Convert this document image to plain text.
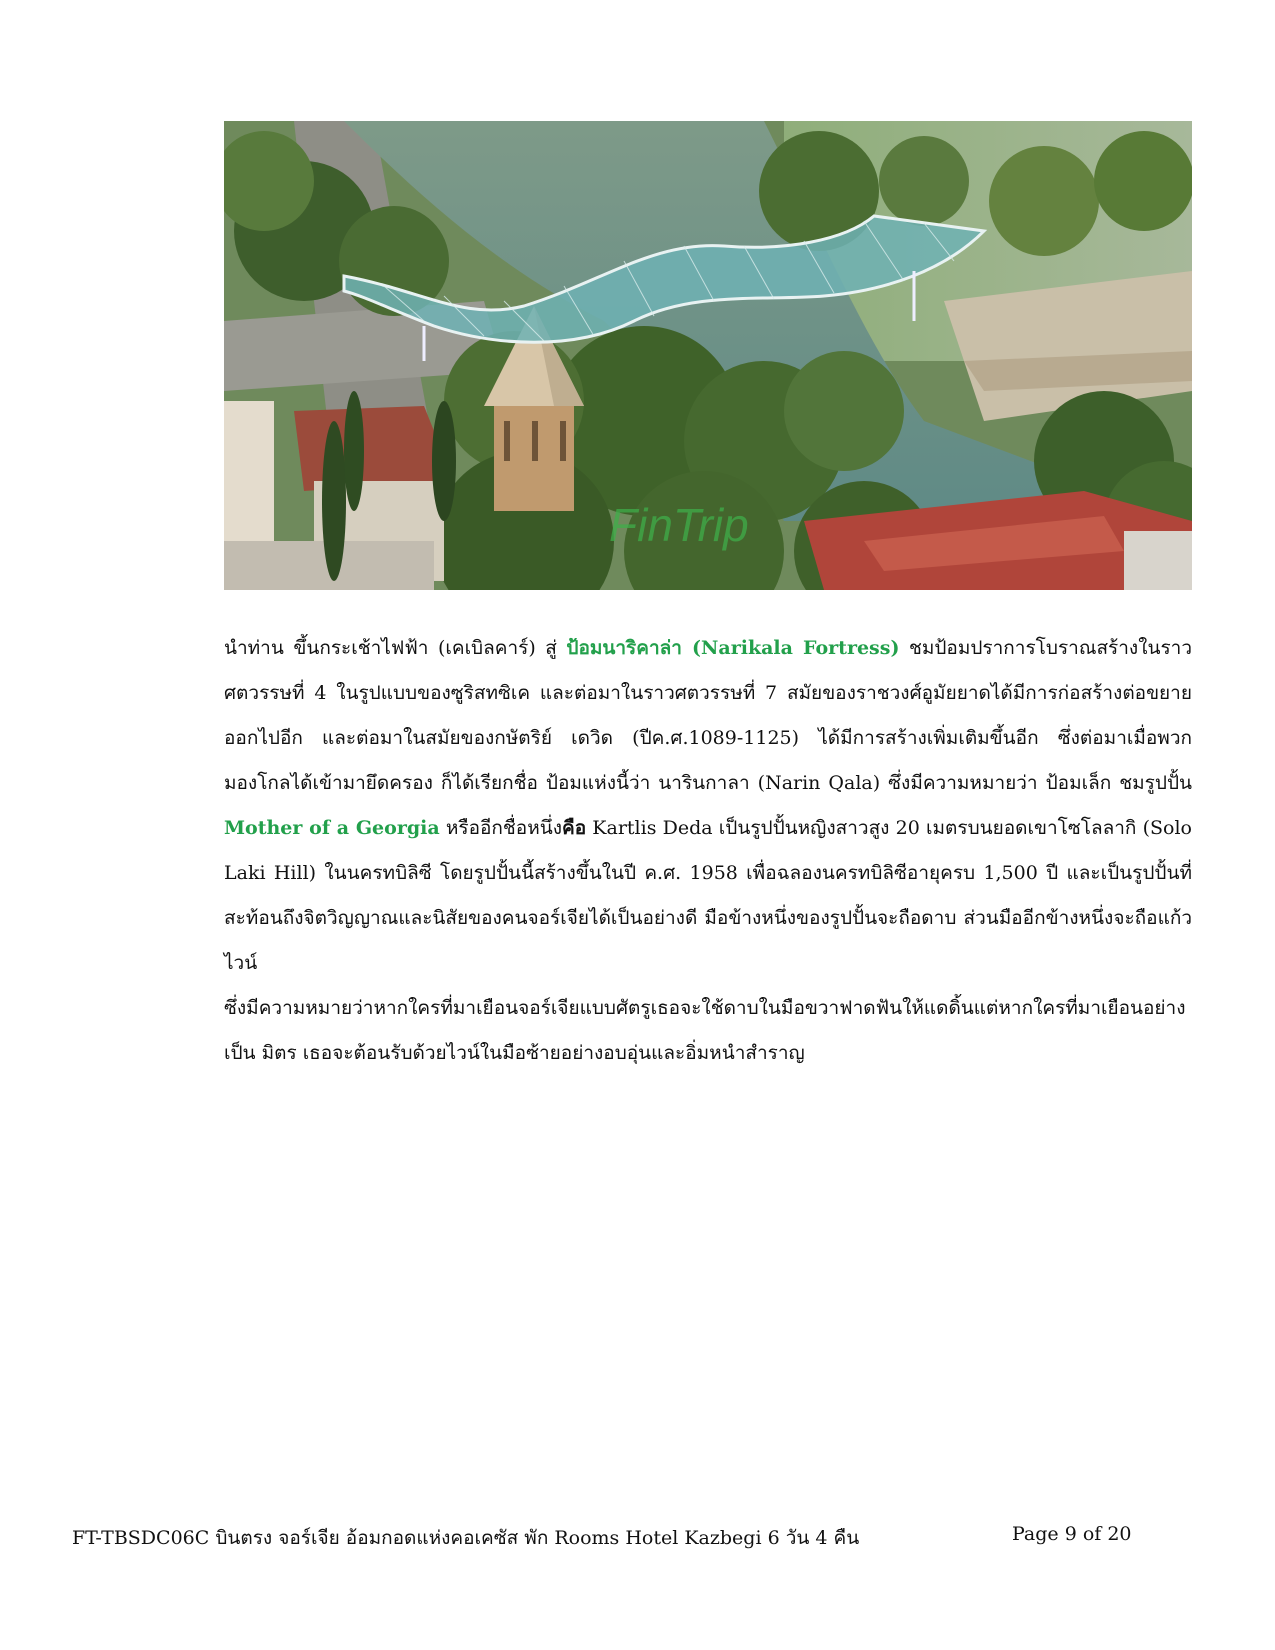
FinTrip

นำท่าน ขึ้นกระเช้าไฟฟ้า (เคเบิลคาร์) สู่ ป้อมนาริคาล่า (Narikala Fortress) ชมป้อมปราการโบราณสร้างในราวศตวรรษที่ 4 ในรูปแบบของซูริสทซิเค และต่อมาในราวศตวรรษที่ 7 สมัยของราชวงศ์อูมัยยาดได้มีการก่อสร้างต่อขยายออกไปอีก และต่อมาในสมัยของกษัตริย์ เดวิด (ปีค.ศ.1089-1125) ได้มีการสร้างเพิ่มเติมขึ้นอีก ซึ่งต่อมาเมื่อพวกมองโกลได้เข้ามายึดครอง ก็ได้เรียกชื่อ ป้อมแห่งนี้ว่า นารินกาลา (Narin Qala) ซึ่งมีความหมายว่า ป้อมเล็ก ชมรูปปั้น Mother of a Georgia หรืออีกชื่อหนึ่งคือ Kartlis Deda เป็นรูปปั้นหญิงสาวสูง 20 เมตรบนยอดเขาโซโลลากิ (Solo Laki Hill) ในนครทบิลิซี โดยรูปปั้นนี้สร้างขึ้นในปี ค.ศ. 1958 เพื่อฉลองนครทบิลิซีอายุครบ 1,500 ปี และเป็นรูปปั้นที่สะท้อนถึงจิตวิญญาณและนิสัยของคนจอร์เจียได้เป็นอย่างดี มือข้างหนึ่งของรูปปั้นจะถือดาบ ส่วนมืออีกข้างหนึ่งจะถือแก้วไวน์

ซึ่งมีความหมายว่าหากใครที่มาเยือนจอร์เจียแบบศัตรูเธอจะใช้ดาบในมือขวาฟาดฟันให้แดดิ้นแต่หากใครที่มาเยือนอย่างเป็น มิตร เธอจะต้อนรับด้วยไวน์ในมือซ้ายอย่างอบอุ่นและอิ่มหนำสำราญ

FT-TBSDC06C บินตรง จอร์เจีย อ้อมกอดแห่งคอเคซัส พัก Rooms Hotel Kazbegi 6 วัน 4 คืน	Page 9 of 20
